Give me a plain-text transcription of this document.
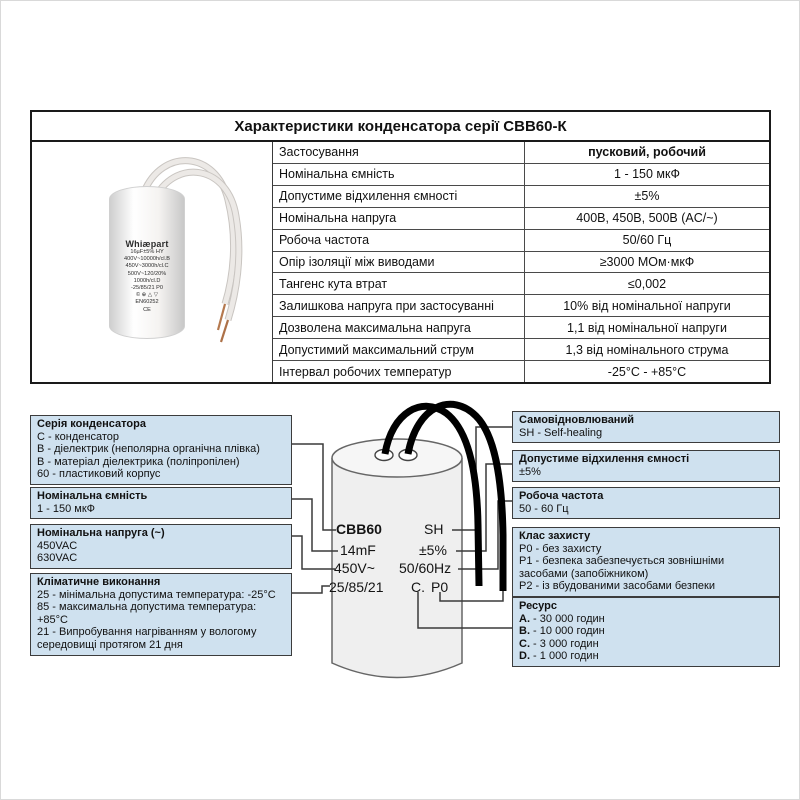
Характеристики конденсатора серії CBB60-К
Whiæpart
16µF±5% HY
400V~10000h/cl.B
450V~3000h/cl.C
500V~120/20%
1000h/cl.D
-25/85/21 P0
© ⊕ △ ▽
EN60252
CE
Застосування	пусковий, робочий
Номінальна ємність	1 - 150 мкФ
Допустиме відхилення ємності	±5%
Номінальна напруга	400В, 450В, 500В (AC/~)
Робоча частота	50/60 Гц
Опір ізоляції між виводами	≥3000 МОм·мкФ
Тангенс кута втрат	≤0,002
Залишкова напруга при застосуванні	10% від номінальної напруги
Дозволена максимальна напруга	1,1 від номінальної напруги
Допустимий максимальний струм	1,3 від номінального струма
Інтервал робочих температур	-25°C - +85°C
Серія конденсатора
C - конденсатор
B - діелектрик (неполярна органічна плівка)
B - матеріал діелектрика (поліпропілен)
60 - пластиковий корпус
Номінальна ємність
1 - 150 мкФ
Номінальна напруга (~)
450VAC
630VAC
Кліматичне виконання
25 - мінімальна допустима температура: -25°C
85 - максимальна допустима температура: +85°C
21 - Випробування нагріванням у вологому середовищі протягом 21 дня
Самовідновлюваний
SH - Self-healing
Допустиме відхилення ємності
±5%
Робоча частота
50 - 60 Гц
Клас захисту
P0 - без захисту
P1 - безпека забезпечується зовнішніми засобами (запобіжником)
P2 - із вбудованими засобами безпеки
Ресурс
A. - 30 000 годин
B. - 10 000 годин
C. - 3 000 годин
D. - 1 000 годин
CBB60	SH
14mF	±5%
450V~ 50/60Hz
25/85/21 C. P0
